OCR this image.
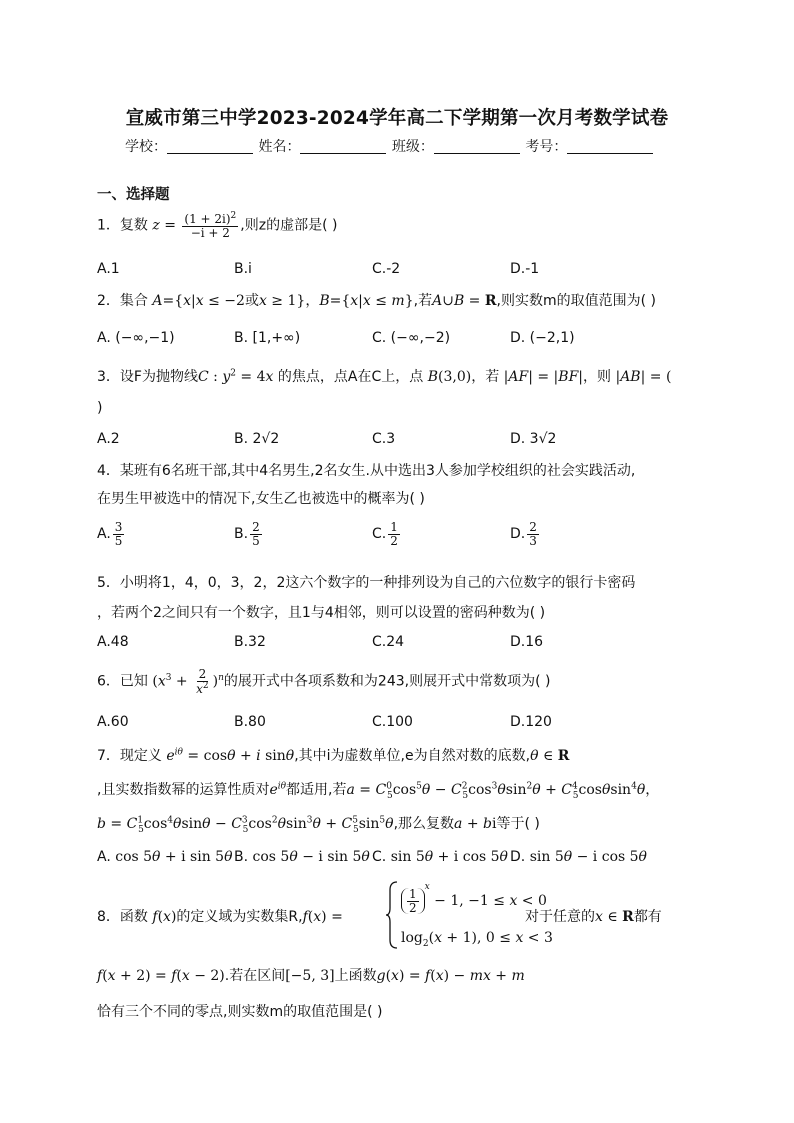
宣威市第三中学2023-2024学年高二下学期第一次月考数学试卷
学校：	姓名：	班级：	考号：
一、选择题
1．复数 $z = \frac{(1 + 2i)^2}{-i + 2}$ ,则z的虚部是( )
A.1	B.i	C.-2	D.-1
2．集合 A={x|x ≤ −2或x ≥ 1}，B={x|x ≤ m},若A∪B = R,则实数m的取值范围为( )
A. (−∞,−1)	B. [1,+∞)	C. (−∞,−2)	D. (−2,1)
3．设F为抛物线C : $y^2 = 4x$ 的焦点，点A在C上，点 B(3,0)，若 |AF| = |BF|，则 |AB| = (
)
A.2	B. 2√2	C.3	D. 3√2
4．某班有6名班干部,其中4名男生,2名女生.从中选出3人参加学校组织的社会实践活动,
在男生甲被选中的情况下,女生乙也被选中的概率为( )
A. $\frac{3}{5}$	B. $\frac{2}{5}$	C. $\frac{1}{2}$	D. $\frac{2}{3}$
5．小明将1，4，0，3，2，2这六个数字的一种排列设为自己的六位数字的银行卡密码
，若两个2之间只有一个数字，且1与4相邻，则可以设置的密码种数为( )
A.48	B.32	C.24	D.16
6．已知 $(x^3 + \frac{2}{x^2} )^n$的展开式中各项系数和为243,则展开式中常数项为( )
A.60	B.80	C.100	D.120
7．现定义 $e^{i\theta} = \cos\theta + i$ sinθ,其中i为虚数单位,e为自然对数的底数,θ ∈ R
,且实数指数幂的运算性质对$e^{i\theta}$都适用,若$a = C^0_5\cos^5\theta - C^2_5\cos^3\theta\sin^2\theta + C^4_5\cos\theta\sin^4\theta$，
$b = C^1_5\cos^4\theta\sin\theta - C^3_5\cos^2\theta\sin^3\theta + C^5_5\sin^5\theta$,那么复数a + bi等于( )
A. cos 5θ + i sin 5θ B. cos 5θ − i sin 5θ C. sin 5θ + i cos 5θ D. sin 5θ − i cos 5θ
8．函数 f(x)的定义域为实数集R,f(x) =
$\frac{1}{2}$
$^x$ − 1, −1 ≤ x < 0
$\log_2(x + 1)$, 0 ≤ x < 3
对于任意的x ∈ R都有
f(x + 2) = f(x − 2).若在区间[−5, 3]上函数g(x) = f(x) − mx + m
恰有三个不同的零点,则实数m的取值范围是( )
